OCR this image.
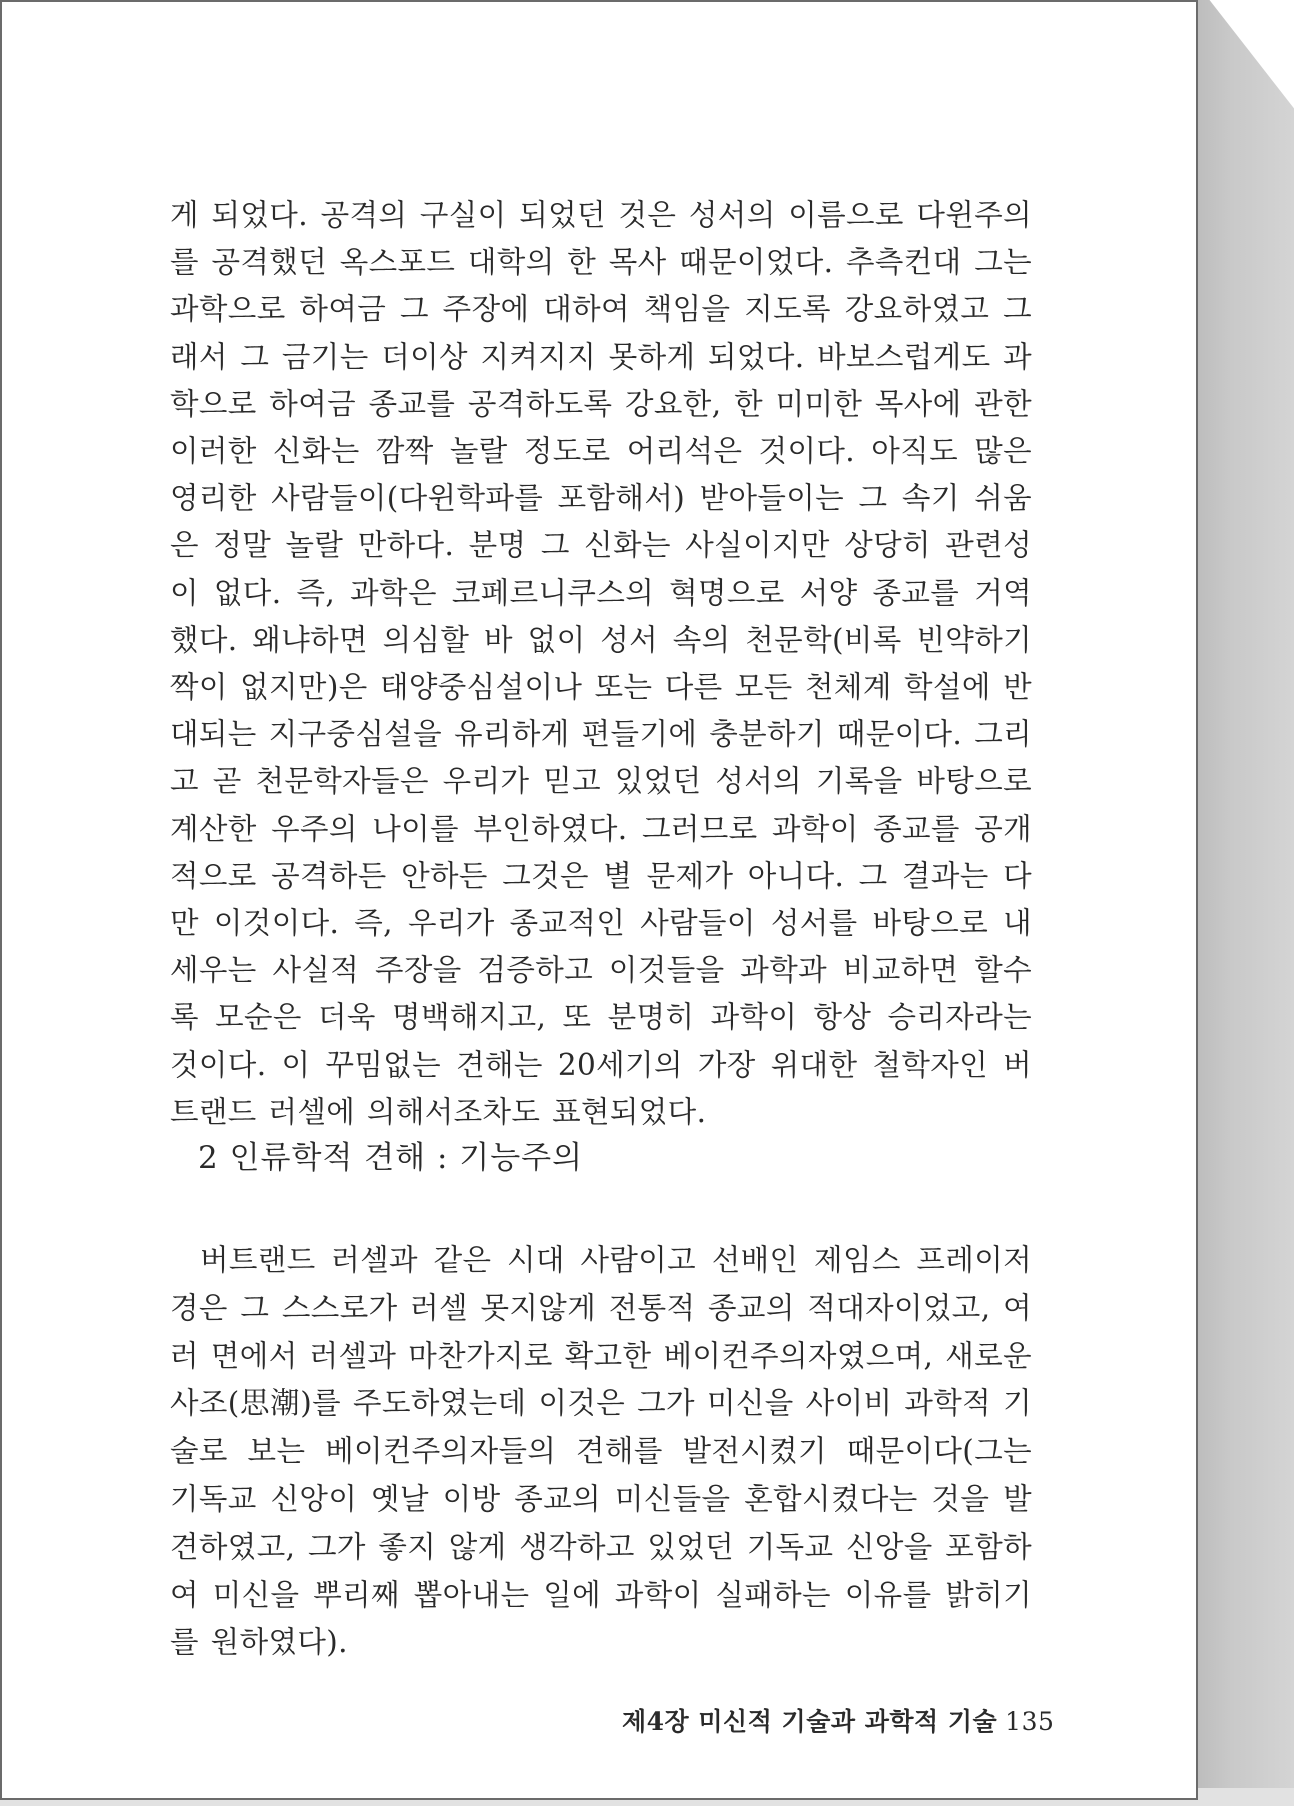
게 되었다. 공격의 구실이 되었던 것은 성서의 이름으로 다윈주의를 공격했던 옥스포드 대학의 한 목사 때문이었다. 추측컨대 그는 과학으로 하여금 그 주장에 대하여 책임을 지도록 강요하였고 그래서 그 금기는 더이상 지켜지지 못하게 되었다. 바보스럽게도 과학으로 하여금 종교를 공격하도록 강요한, 한 미미한 목사에 관한 이러한 신화는 깜짝 놀랄 정도로 어리석은 것이다. 아직도 많은 영리한 사람들이(다윈학파를 포함해서) 받아들이는 그 속기 쉬움은 정말 놀랄 만하다. 분명 그 신화는 사실이지만 상당히 관련성이 없다. 즉, 과학은 코페르니쿠스의 혁명으로 서양 종교를 거역했다. 왜냐하면 의심할 바 없이 성서 속의 천문학(비록 빈약하기 짝이 없지만)은 태양중심설이나 또는 다른 모든 천체계 학설에 반대되는 지구중심설을 유리하게 편들기에 충분하기 때문이다. 그리고 곧 천문학자들은 우리가 믿고 있었던 성서의 기록을 바탕으로 계산한 우주의 나이를 부인하였다. 그러므로 과학이 종교를 공개적으로 공격하든 안하든 그것은 별 문제가 아니다. 그 결과는 다만 이것이다. 즉, 우리가 종교적인 사람들이 성서를 바탕으로 내세우는 사실적 주장을 검증하고 이것들을 과학과 비교하면 할수록 모순은 더욱 명백해지고, 또 분명히 과학이 항상 승리자라는 것이다. 이 꾸밈없는 견해는 20세기의 가장 위대한 철학자인 버트랜드 러셀에 의해서조차도 표현되었다.

2 인류학적 견해 : 기능주의

버트랜드 러셀과 같은 시대 사람이고 선배인 제임스 프레이저 경은 그 스스로가 러셀 못지않게 전통적 종교의 적대자이었고, 여러 면에서 러셀과 마찬가지로 확고한 베이컨주의자였으며, 새로운 사조(思潮)를 주도하였는데 이것은 그가 미신을 사이비 과학적 기술로 보는 베이컨주의자들의 견해를 발전시켰기 때문이다(그는 기독교 신앙이 옛날 이방 종교의 미신들을 혼합시켰다는 것을 발견하였고, 그가 좋지 않게 생각하고 있었던 기독교 신앙을 포함하여 미신을 뿌리째 뽑아내는 일에 과학이 실패하는 이유를 밝히기를 원하였다).

제4장 미신적 기술과 과학적 기술 135
